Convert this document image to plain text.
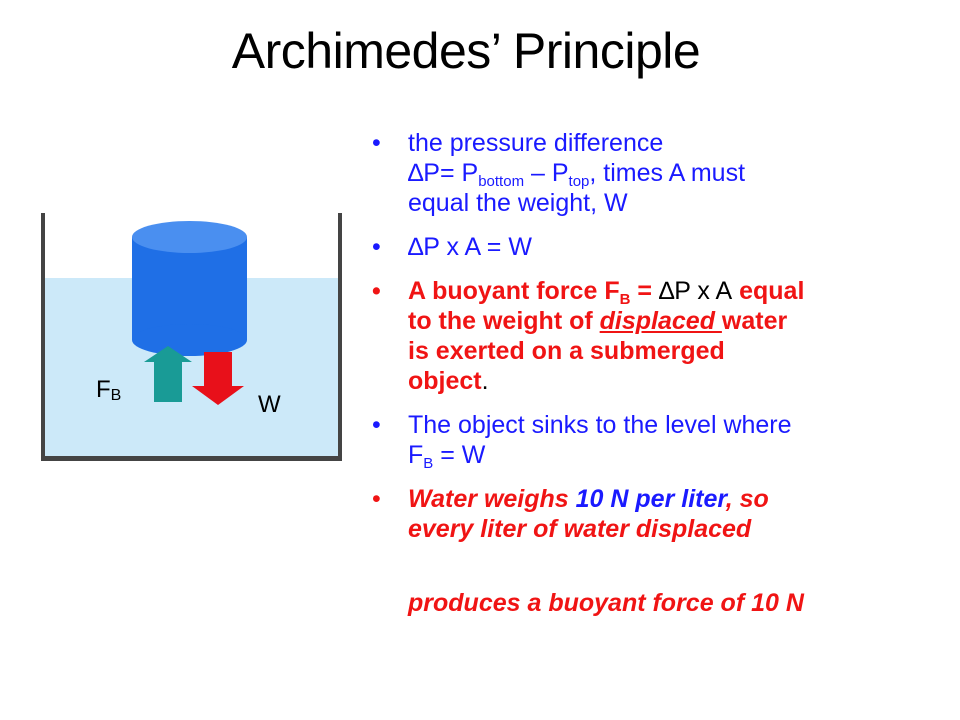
Archimedes’ Principle
FB	W
• the pressure difference
$\Delta P= P_{bottom} - P_{top}$, times A must
equal the weight, W
• ∆P x A = W
• A buoyant force $F_B = \Delta P$ x A equal
to the weight of displaced water
is exerted on a submerged
object.
• The object sinks to the level where
$F_B = W$
• Water weighs 10 N per liter, so
every liter of water displaced
produces a buoyant force of 10 N
